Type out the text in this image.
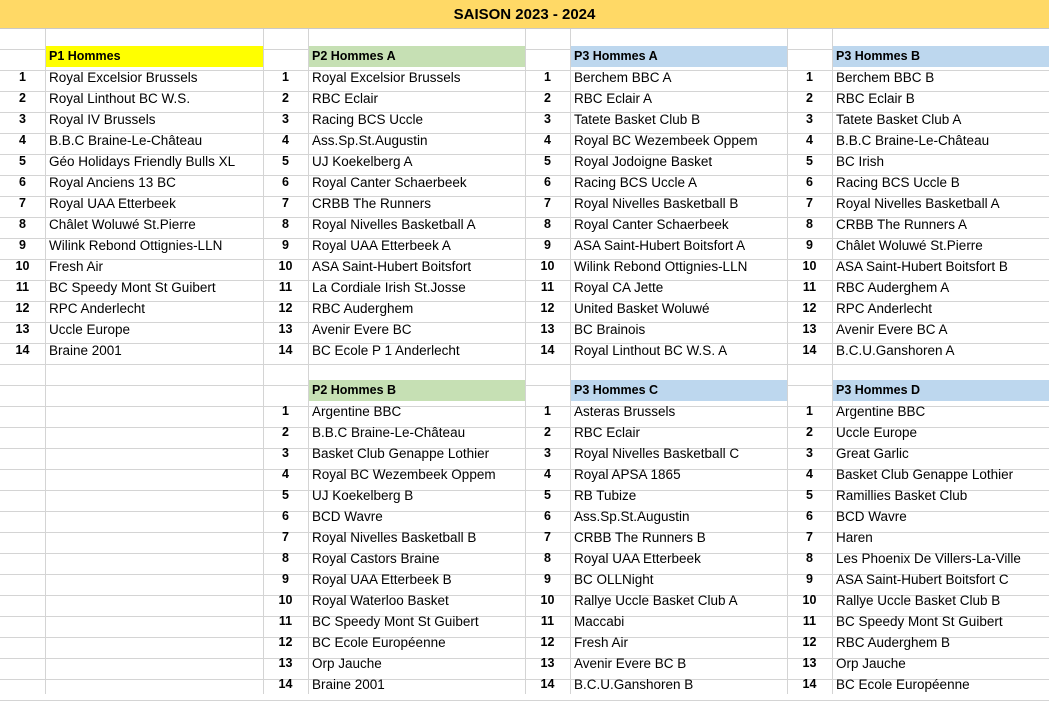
SAISON 2023 - 2024
P1 Hommes
1	Royal Excelsior Brussels
2	Royal Linthout BC W.S.
3	Royal IV Brussels
4	B.B.C Braine-Le-Château
5	Géo Holidays Friendly Bulls XL
6	Royal Anciens 13 BC
7	Royal UAA Etterbeek
8	Châlet Woluwé St.Pierre
9	Wilink Rebond Ottignies-LLN
10	Fresh Air
11	BC Speedy Mont St Guibert
12	RPC Anderlecht
13	Uccle Europe
14	Braine 2001
P2 Hommes A
1	Royal Excelsior Brussels
2	RBC Eclair
3	Racing BCS Uccle
4	Ass.Sp.St.Augustin
5	UJ Koekelberg A
6	Royal Canter Schaerbeek
7	CRBB The Runners
8	Royal Nivelles Basketball A
9	Royal UAA Etterbeek A
10	ASA Saint-Hubert Boitsfort
11	La Cordiale Irish St.Josse
12	RBC Auderghem
13	Avenir Evere BC
14	BC Ecole P 1 Anderlecht
P3 Hommes A
1	Berchem BBC A
2	RBC Eclair A
3	Tatete Basket Club B
4	Royal BC Wezembeek Oppem
5	Royal Jodoigne Basket
6	Racing BCS Uccle A
7	Royal Nivelles Basketball B
8	Royal Canter Schaerbeek
9	ASA Saint-Hubert Boitsfort A
10	Wilink Rebond Ottignies-LLN
11	Royal CA Jette
12	United Basket Woluwé
13	BC Brainois
14	Royal Linthout BC W.S. A
P3 Hommes B
1	Berchem BBC B
2	RBC Eclair B
3	Tatete Basket Club A
4	B.B.C Braine-Le-Château
5	BC Irish
6	Racing BCS Uccle B
7	Royal Nivelles Basketball A
8	CRBB The Runners A
9	Châlet Woluwé St.Pierre
10	ASA Saint-Hubert Boitsfort B
11	RBC Auderghem A
12	RPC Anderlecht
13	Avenir Evere BC A
14	B.C.U.Ganshoren A
P2 Hommes B
1	Argentine BBC
2	B.B.C Braine-Le-Château
3	Basket Club Genappe Lothier
4	Royal BC Wezembeek Oppem
5	UJ Koekelberg B
6	BCD Wavre
7	Royal Nivelles Basketball B
8	Royal Castors Braine
9	Royal UAA Etterbeek B
10	Royal Waterloo Basket
11	BC Speedy Mont St Guibert
12	BC Ecole Européenne
13	Orp Jauche
14	Braine 2001
P3 Hommes C
1	Asteras Brussels
2	RBC Eclair
3	Royal Nivelles Basketball C
4	Royal APSA 1865
5	RB Tubize
6	Ass.Sp.St.Augustin
7	CRBB The Runners B
8	Royal UAA Etterbeek
9	BC OLLNight
10	Rallye Uccle Basket Club A
11	Maccabi
12	Fresh Air
13	Avenir Evere BC B
14	B.C.U.Ganshoren B
P3 Hommes D
1	Argentine BBC
2	Uccle Europe
3	Great Garlic
4	Basket Club Genappe Lothier
5	Ramillies Basket Club
6	BCD Wavre
7	Haren
8	Les Phoenix De Villers-La-Ville
9	ASA Saint-Hubert Boitsfort C
10	Rallye Uccle Basket Club B
11	BC Speedy Mont St Guibert
12	RBC Auderghem B
13	Orp Jauche
14	BC Ecole Européenne
